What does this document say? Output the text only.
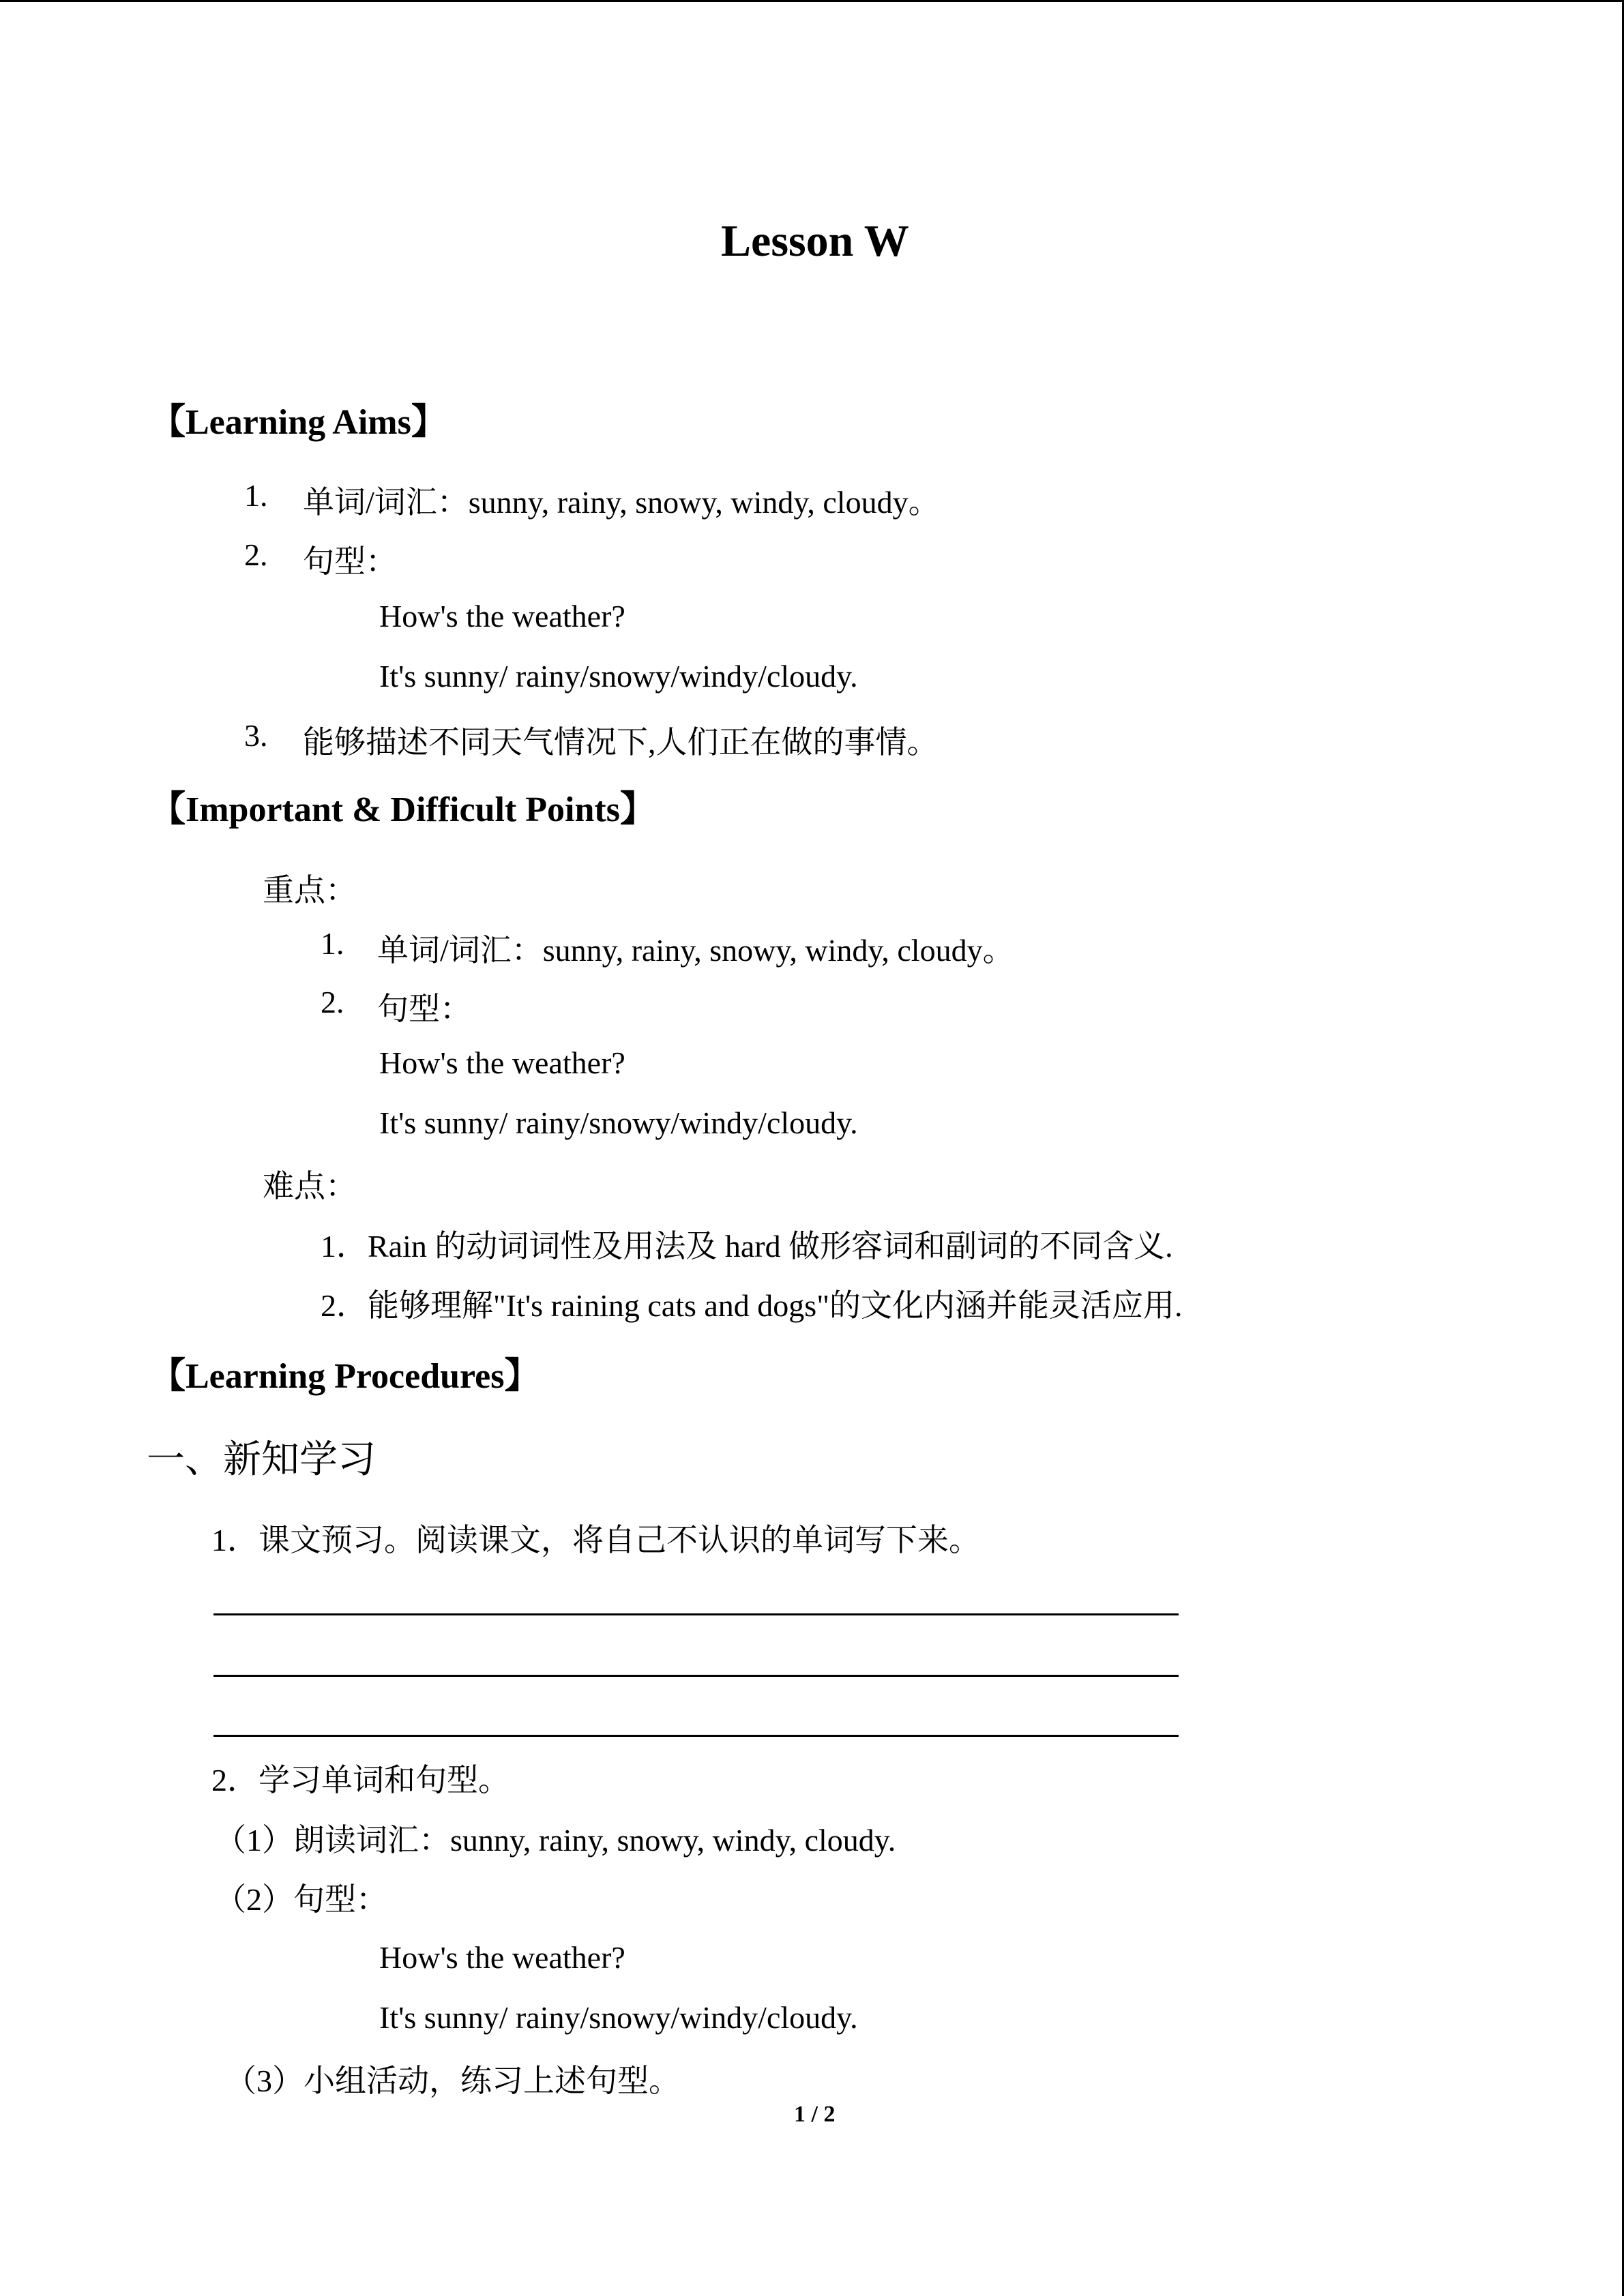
Lesson W
【Learning Aims】
1. 单词/词汇：sunny, rainy, snowy, windy, cloudy。
2. 句型：
How's the weather?
It's sunny/ rainy/snowy/windy/cloudy.
3. 能够描述不同天气情况下,人们正在做的事情。
【Important & Difficult Points】
重点：
1. 单词/词汇：sunny, rainy, snowy, windy, cloudy。
2. 句型：
How's the weather?
It's sunny/ rainy/snowy/windy/cloudy.
难点：
1．Rain 的动词词性及用法及 hard 做形容词和副词的不同含义.
2．能够理解"It's raining cats and dogs"的文化内涵并能灵活应用.
【Learning Procedures】
一、新知学习
1．课文预习。阅读课文，将自己不认识的单词写下来。
2．学习单词和句型。
（1）朗读词汇：sunny, rainy, snowy, windy, cloudy.
（2）句型：
How's the weather?
It's sunny/ rainy/snowy/windy/cloudy.
（3）小组活动，练习上述句型。
1 / 2
